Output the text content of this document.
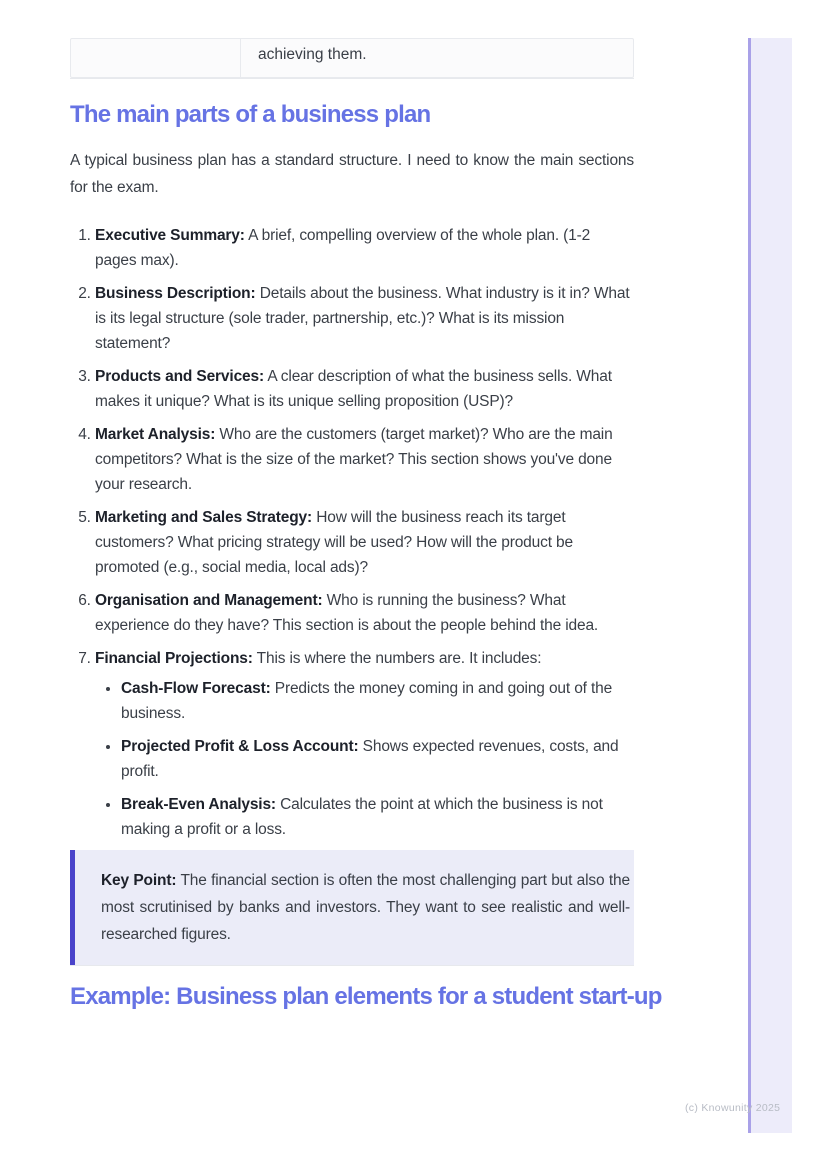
achieving them.
The main parts of a business plan

A typical business plan has a standard structure. I need to know the main sections for the exam.

1. Executive Summary: A brief, compelling overview of the whole plan. (1-2 pages max).
2. Business Description: Details about the business. What industry is it in? What is its legal structure (sole trader, partnership, etc.)? What is its mission statement?
3. Products and Services: A clear description of what the business sells. What makes it unique? What is its unique selling proposition (USP)?
4. Market Analysis: Who are the customers (target market)? Who are the main competitors? What is the size of the market? This section shows you've done your research.
5. Marketing and Sales Strategy: How will the business reach its target customers? What pricing strategy will be used? How will the product be promoted (e.g., social media, local ads)?
6. Organisation and Management: Who is running the business? What experience do they have? This section is about the people behind the idea.
7. Financial Projections: This is where the numbers are. It includes:
• Cash-Flow Forecast: Predicts the money coming in and going out of the business.
• Projected Profit & Loss Account: Shows expected revenues, costs, and profit.
• Break-Even Analysis: Calculates the point at which the business is not making a profit or a loss.
Key Point: The financial section is often the most challenging part but also the most scrutinised by banks and investors. They want to see realistic and well-researched figures.
Example: Business plan elements for a student start-up
(c) Knowunity 2025
